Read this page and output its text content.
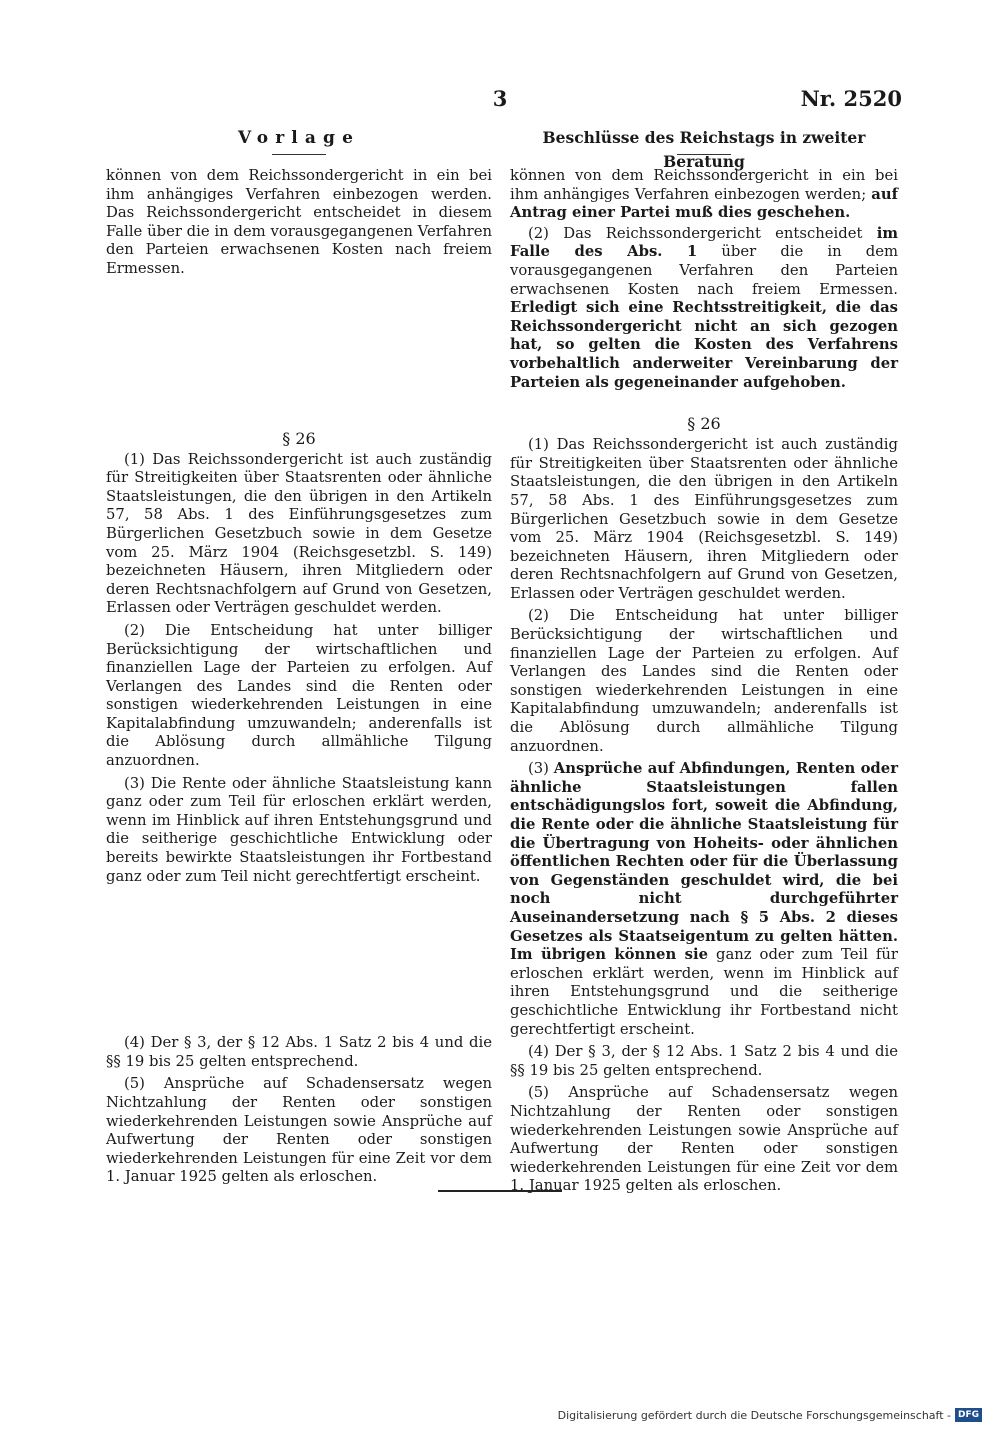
3	Nr. 2520
Vorlage

können von dem Reichssondergericht in ein bei ihm anhängiges Verfahren einbezogen werden. Das Reichssondergericht entscheidet in diesem Falle über die in dem vorausgegangenen Verfahren den Parteien erwachsenen Kosten nach freiem Ermessen.

§ 26

(1) Das Reichssondergericht ist auch zuständig für Streitigkeiten über Staatsrenten oder ähnliche Staatsleistungen, die den übrigen in den Artikeln 57, 58 Abs. 1 des Einführungsgesetzes zum Bürgerlichen Gesetzbuch sowie in dem Gesetze vom 25. März 1904 (Reichsgesetzbl. S. 149) bezeichneten Häusern, ihren Mitgliedern oder deren Rechtsnachfolgern auf Grund von Gesetzen, Erlassen oder Verträgen geschuldet werden.

(2) Die Entscheidung hat unter billiger Berücksichtigung der wirtschaftlichen und finanziellen Lage der Parteien zu erfolgen. Auf Verlangen des Landes sind die Renten oder sonstigen wiederkehrenden Leistungen in eine Kapitalabfindung umzuwandeln; anderenfalls ist die Ablösung durch allmähliche Tilgung anzuordnen.

(3) Die Rente oder ähnliche Staatsleistung kann ganz oder zum Teil für erloschen erklärt werden, wenn im Hinblick auf ihren Entstehungsgrund und die seitherige geschichtliche Entwicklung oder bereits bewirkte Staatsleistungen ihr Fortbestand ganz oder zum Teil nicht gerechtfertigt erscheint.

(4) Der § 3, der § 12 Abs. 1 Satz 2 bis 4 und die §§ 19 bis 25 gelten entsprechend.

(5) Ansprüche auf Schadensersatz wegen Nichtzahlung der Renten oder sonstigen wiederkehrenden Leistungen sowie Ansprüche auf Aufwertung der Renten oder sonstigen wiederkehrenden Leistungen für eine Zeit vor dem 1. Januar 1925 gelten als erloschen.

Beschlüsse des Reichstags in zweiter Beratung

können von dem Reichssondergericht in ein bei ihm anhängiges Verfahren einbezogen werden; auf Antrag einer Partei muß dies geschehen.

(2) Das Reichssondergericht entscheidet im Falle des Abs. 1 über die in dem vorausgegangenen Verfahren den Parteien erwachsenen Kosten nach freiem Ermessen. Erledigt sich eine Rechtsstreitigkeit, die das Reichssondergericht nicht an sich gezogen hat, so gelten die Kosten des Verfahrens vorbehaltlich anderweiter Vereinbarung der Parteien als gegeneinander aufgehoben.

§ 26

(1) Das Reichssondergericht ist auch zuständig für Streitigkeiten über Staatsrenten oder ähnliche Staatsleistungen, die den übrigen in den Artikeln 57, 58 Abs. 1 des Einführungsgesetzes zum Bürgerlichen Gesetzbuch sowie in dem Gesetze vom 25. März 1904 (Reichsgesetzbl. S. 149) bezeichneten Häusern, ihren Mitgliedern oder deren Rechtsnachfolgern auf Grund von Gesetzen, Erlassen oder Verträgen geschuldet werden.

(2) Die Entscheidung hat unter billiger Berücksichtigung der wirtschaftlichen und finanziellen Lage der Parteien zu erfolgen. Auf Verlangen des Landes sind die Renten oder sonstigen wiederkehrenden Leistungen in eine Kapitalabfindung umzuwandeln; anderenfalls ist die Ablösung durch allmähliche Tilgung anzuordnen.

(3) Ansprüche auf Abfindungen, Renten oder ähnliche Staatsleistungen fallen entschädigungslos fort, soweit die Abfindung, die Rente oder die ähnliche Staatsleistung für die Übertragung von Hoheits- oder ähnlichen öffentlichen Rechten oder für die Überlassung von Gegenständen geschuldet wird, die bei noch nicht durchgeführter Auseinandersetzung nach § 5 Abs. 2 dieses Gesetzes als Staatseigentum zu gelten hätten. Im übrigen können sie ganz oder zum Teil für erloschen erklärt werden, wenn im Hinblick auf ihren Entstehungsgrund und die seitherige geschichtliche Entwicklung ihr Fortbestand nicht gerechtfertigt erscheint.

(4) Der § 3, der § 12 Abs. 1 Satz 2 bis 4 und die §§ 19 bis 25 gelten entsprechend.

(5) Ansprüche auf Schadensersatz wegen Nichtzahlung der Renten oder sonstigen wiederkehrenden Leistungen sowie Ansprüche auf Aufwertung der Renten oder sonstigen wiederkehrenden Leistungen für eine Zeit vor dem 1. Januar 1925 gelten als erloschen.

Digitalisierung gefördert durch die Deutsche Forschungsgemeinschaft - DFG
